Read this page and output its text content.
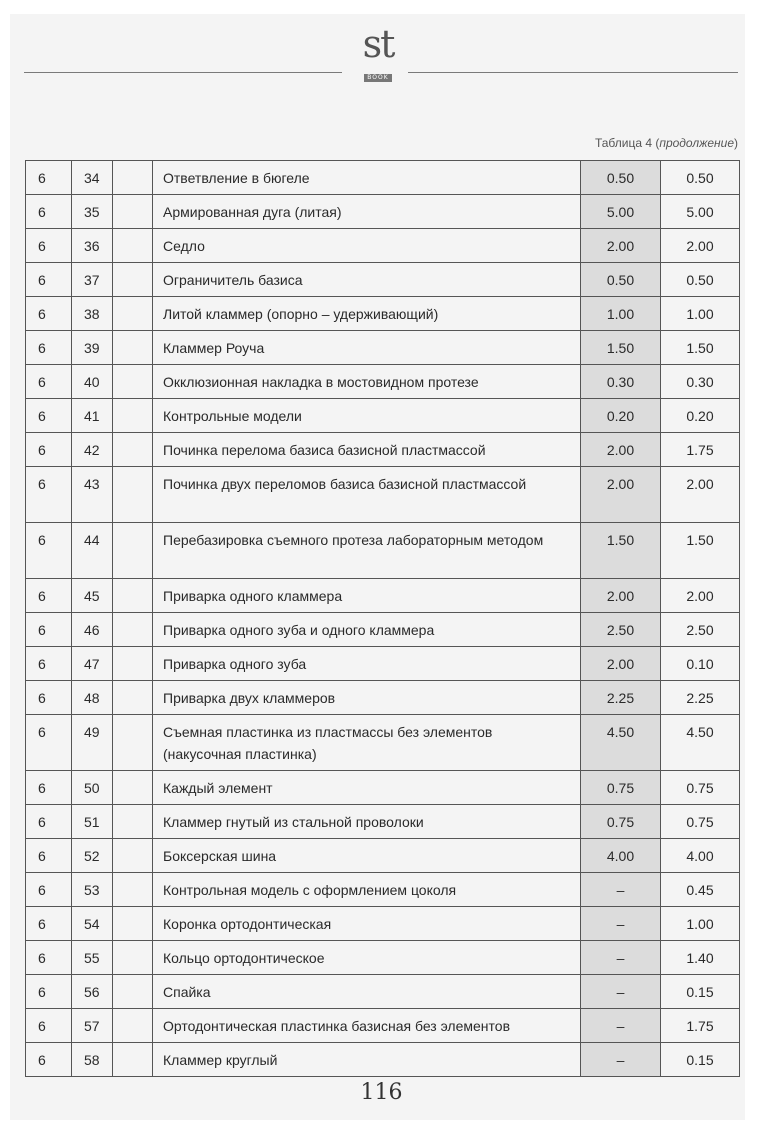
st
BOOK
Таблица 4 (продолжение)
6	34		Ответвление в бюгеле	0.50	0.50
6	35		Армированная дуга (литая)	5.00	5.00
6	36		Седло	2.00	2.00
6	37		Ограничитель базиса	0.50	0.50
6	38		Литой кламмер (опорно – удерживающий)	1.00	1.00
6	39		Кламмер Роуча	1.50	1.50
6	40		Окклюзионная накладка в мостовидном протезе	0.30	0.30
6	41		Контрольные модели	0.20	0.20
6	42		Починка перелома базиса базисной пластмассой	2.00	1.75
6	43		Починка двух переломов базиса базисной пластмассой	2.00	2.00
6	44		Перебазировка съемного протеза лабораторным методом	1.50	1.50
6	45		Приварка одного кламмера	2.00	2.00
6	46		Приварка одного зуба и одного кламмера	2.50	2.50
6	47		Приварка одного зуба	2.00	0.10
6	48		Приварка двух кламмеров	2.25	2.25
6	49		Съемная пластинка из пластмассы без элементов (накусочная пластинка)	4.50	4.50
6	50		Каждый элемент	0.75	0.75
6	51		Кламмер гнутый из стальной проволоки	0.75	0.75
6	52		Боксерская шина	4.00	4.00
6	53		Контрольная модель с оформлением цоколя	–	0.45
6	54		Коронка ортодонтическая	–	1.00
6	55		Кольцо ортодонтическое	–	1.40
6	56		Спайка	–	0.15
6	57		Ортодонтическая пластинка базисная без элементов	–	1.75
6	58		Кламмер круглый	–	0.15
116
